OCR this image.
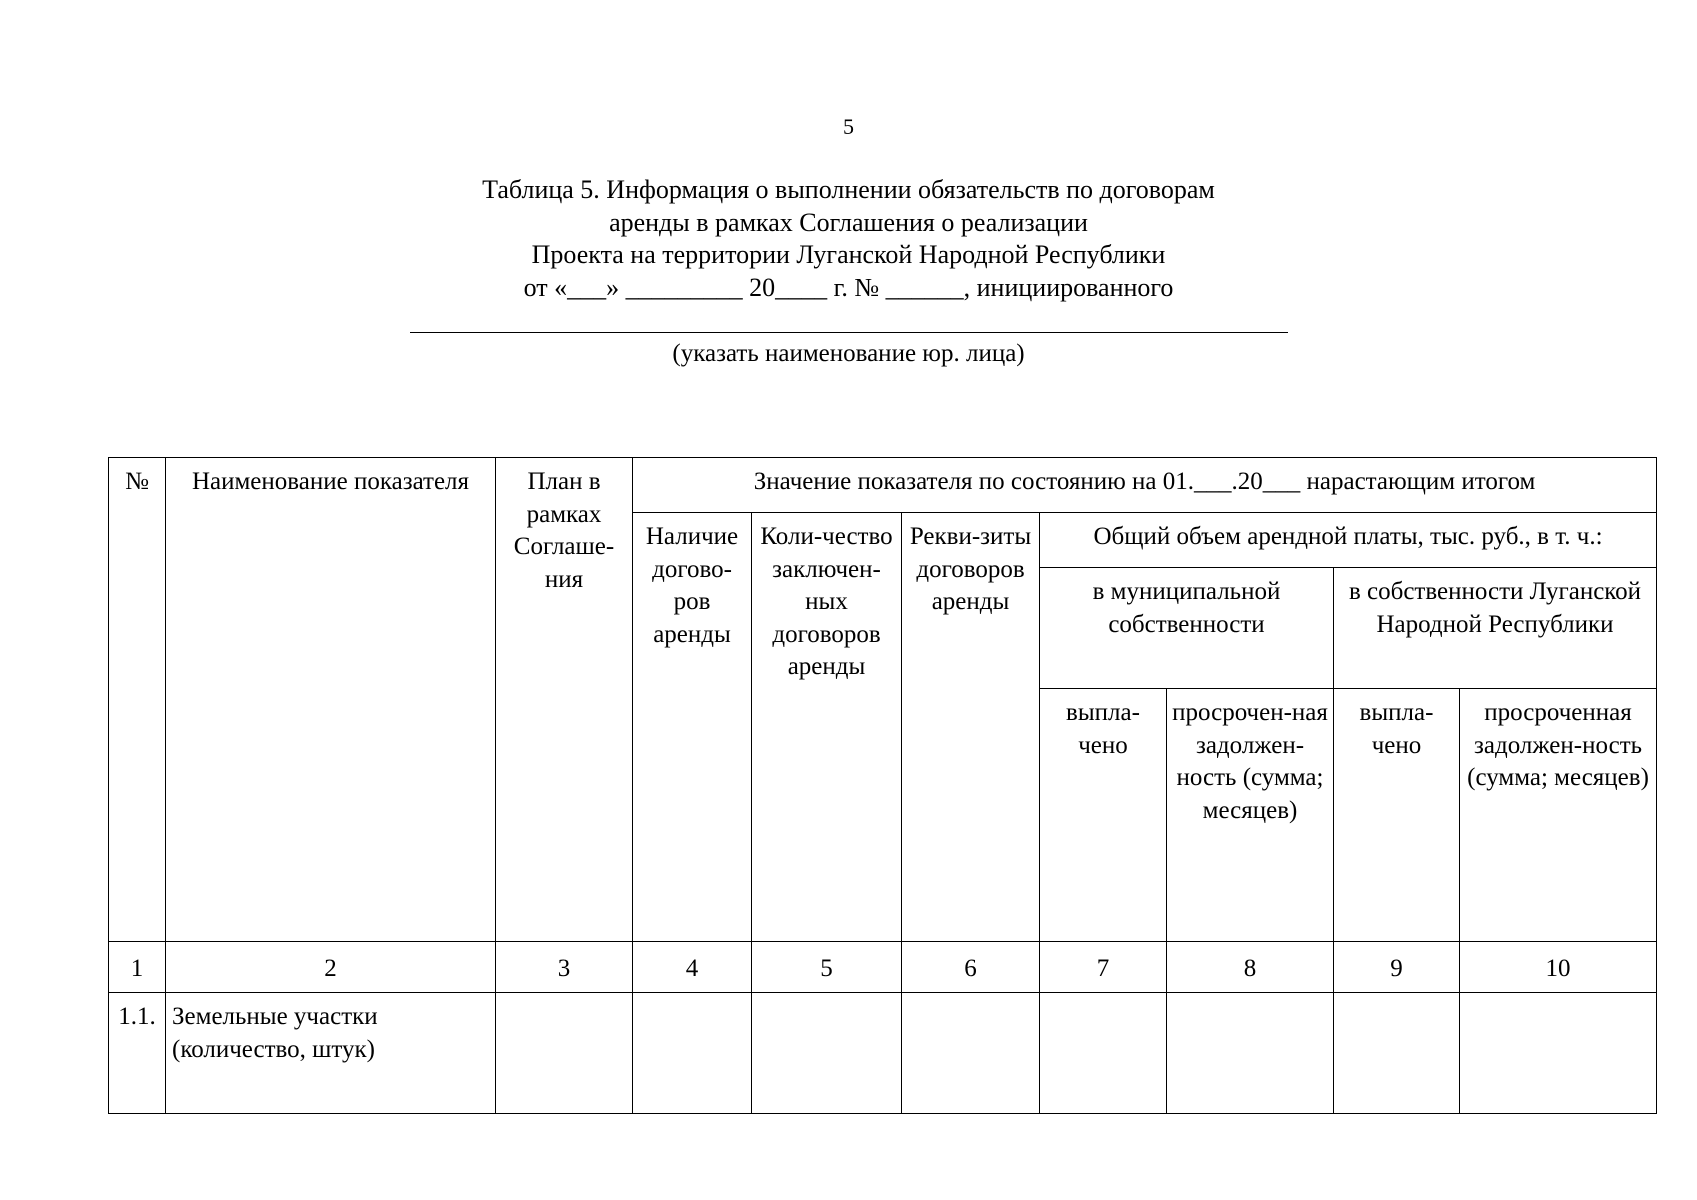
5
Таблица 5. Информация о выполнении обязательств по договорам
аренды в рамках Соглашения о реализации
Проекта на территории Луганской Народной Республики
от «___» _________ 20____ г. № ______, инициированного
(указать наименование юр. лица)
№	Наименование показателя	План в рамках Соглаше-ния	Значение показателя по состоянию на 01.___.20___ нарастающим итогом						
			Наличие догово-ров аренды	Коли-чество заключен-ных договоров аренды	Рекви-зиты договоров аренды	Общий объем арендной платы, тыс. руб., в т. ч.:			
						в муниципальной собственности		в собственности Луганской Народной Республики	
						выпла-чено	просрочен-ная задолжен-ность (сумма; месяцев)	выпла-чено	просроченная задолжен-ность (сумма; месяцев)
1	2	3	4	5	6	7	8	9	10
1.1.	Земельные участки (количество, штук)								
